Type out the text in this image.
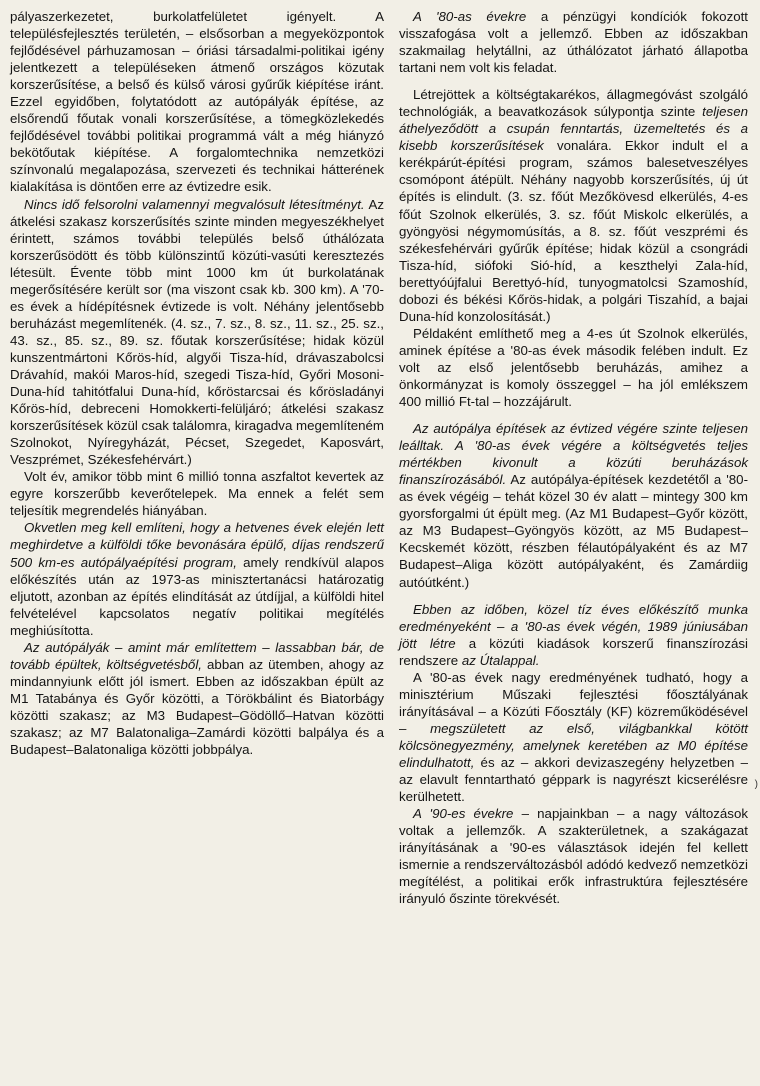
pályaszerkezetet, burkolatfelületet igényelt. A településfejlesztés területén, – elsősorban a megyeközpontok fejlődésével párhuzamosan – óriási társadalmi-politikai igény jelentkezett a településeken átmenő országos közutak korszerűsítése, a belső és külső városi gyűrűk kiépítése iránt. Ezzel egyidőben, folytatódott az autópályák építése, az elsőrendű főutak vonali korszerűsítése, a tömegközlekedés fejlődésével további politikai programmá vált a még hiányzó bekötőutak kiépítése. A forgalomtechnika nemzetközi színvonalú megalapozása, szervezeti és technikai hátterének kialakítása is döntően erre az évtizedre esik.

Nincs idő felsorolni valamennyi megvalósult létesítményt. Az átkelési szakasz korszerűsítés szinte minden megyeszékhelyet érintett, számos további település belső úthálózata korszerűsödött és több különszintű közúti-vasúti keresztezés létesült. Évente több mint 1000 km út burkolatának megerősítésére került sor (ma viszont csak kb. 300 km). A '70-es évek a hídépítésnek évtizede is volt. Néhány jelentősebb beruházást megemlítenék. (4. sz., 7. sz., 8. sz., 11. sz., 25. sz., 43. sz., 85. sz., 89. sz. főutak korszerűsítése; hidak közül kunszentmártoni Kőrös-híd, algyői Tisza-híd, drávaszabolcsi Drávahíd, makói Maros-híd, szegedi Tisza-híd, Győri Mosoni-Duna-híd tahitótfalui Duna-híd, kőröstarcsai és kőrösladányi Kőrös-híd, debreceni Homokkerti-felüljáró; átkelési szakasz korszerűsítések közül csak találomra, kiragadva megemlíteném Szolnokot, Nyíregyházát, Pécset, Szegedet, Kaposvárt, Veszprémet, Székesfehérvárt.)

Volt év, amikor több mint 6 millió tonna aszfaltot kevertek az egyre korszerűbb keverőtelepek. Ma ennek a felét sem teljesítik megrendelés hiányában.

Okvetlen meg kell említeni, hogy a hetvenes évek elején lett meghirdetve a külföldi tőke bevonására épülő, díjas rendszerű 500 km-es autópályaépítési program, amely rendkívül alapos előkészítés után az 1973-as minisztertanácsi határozatig eljutott, azonban az építés elindítását az útdíjjal, a külföldi hitel felvételével kapcsolatos negatív politikai megítélés meghiúsította.

Az autópályák – amint már említettem – lassabban bár, de tovább épültek, költségvetésből, abban az ütemben, ahogy az mindannyiunk előtt jól ismert. Ebben az időszakban épült az M1 Tatabánya és Győr közötti, a Törökbálint és Biatorbágy közötti szakasz; az M3 Budapest–Gödöllő–Hatvan közötti szakasz; az M7 Balatonaliga–Zamárdi közötti balpálya és a Budapest–Balatonaliga közötti jobbpálya.

A '80-as évekre a pénzügyi kondíciók fokozott visszafogása volt a jellemző. Ebben az időszakban szakmailag helytállni, az úthálózatot járható állapotba tartani nem volt kis feladat.

Létrejöttek a költségtakarékos, állagmegóvást szolgáló technológiák, a beavatkozások súlypontja szinte teljesen áthelyeződött a csupán fenntartás, üzemeltetés és a kisebb korszerűsítések vonalára. Ekkor indult el a kerékpárút-építési program, számos balesetveszélyes csomópont átépült. Néhány nagyobb korszerűsítés, új út építés is elindult. (3. sz. főút Mezőkövesd elkerülés, 4-es főút Szolnok elkerülés, 3. sz. főút Miskolc elkerülés, a gyöngyösi négymomúsítás, a 8. sz. főút veszprémi és székesfehérvári gyűrűk építése; hidak közül a csongrádi Tisza-híd, siófoki Sió-híd, a keszthelyi Zala-híd, berettyóújfalui Berettyó-híd, tunyogmatolcsi Szamoshíd, dobozi és békési Kőrös-hidak, a polgári Tiszahíd, a bajai Duna-híd konzolosítását.)

Példaként említhető meg a 4-es út Szolnok elkerülés, aminek építése a '80-as évek második felében indult. Ez volt az első jelentősebb beruházás, amihez a önkormányzat is komoly összeggel – ha jól emlékszem 400 millió Ft-tal – hozzájárult.

Az autópálya építések az évtized végére szinte teljesen leálltak. A '80-as évek végére a költségvetés teljes mértékben kivonult a közúti beruházások finanszírozásából. Az autópálya-építések kezdetétől a '80-as évek végéig – tehát közel 30 év alatt – mintegy 300 km gyorsforgalmi út épült meg. (Az M1 Budapest–Győr között, az M3 Budapest–Gyöngyös között, az M5 Budapest–Kecskemét között, részben félautópályaként és az M7 Budapest–Aliga között autópályaként, és Zamárdiig autóútként.)

Ebben az időben, közel tíz éves előkészítő munka eredményeként – a '80-as évek végén, 1989 júniusában jött létre a közúti kiadások korszerű finanszírozási rendszere az Útalappal.

A '80-as évek nagy eredményének tudható, hogy a minisztérium Műszaki fejlesztési főosztályának irányításával – a Közúti Főosztály (KF) közreműködésével – megszületett az első, világbankkal kötött kölcsönegyezmény, amelynek keretében az M0 építése elindulhatott, és az – akkori devizaszegény helyzetben – az elavult fenntartható géppark is nagyrészt kicserélésre kerülhetett.

A '90-es évekre – napjainkban – a nagy változások voltak a jellemzők. A szakterületnek, a szakágazat irányításának a '90-es választások idején fel kellett ismernie a rendszerváltozásból adódó kedvező nemzetközi megítélést, a politikai erők infrastruktúra fejlesztésére irányuló őszinte törekvését.

)
